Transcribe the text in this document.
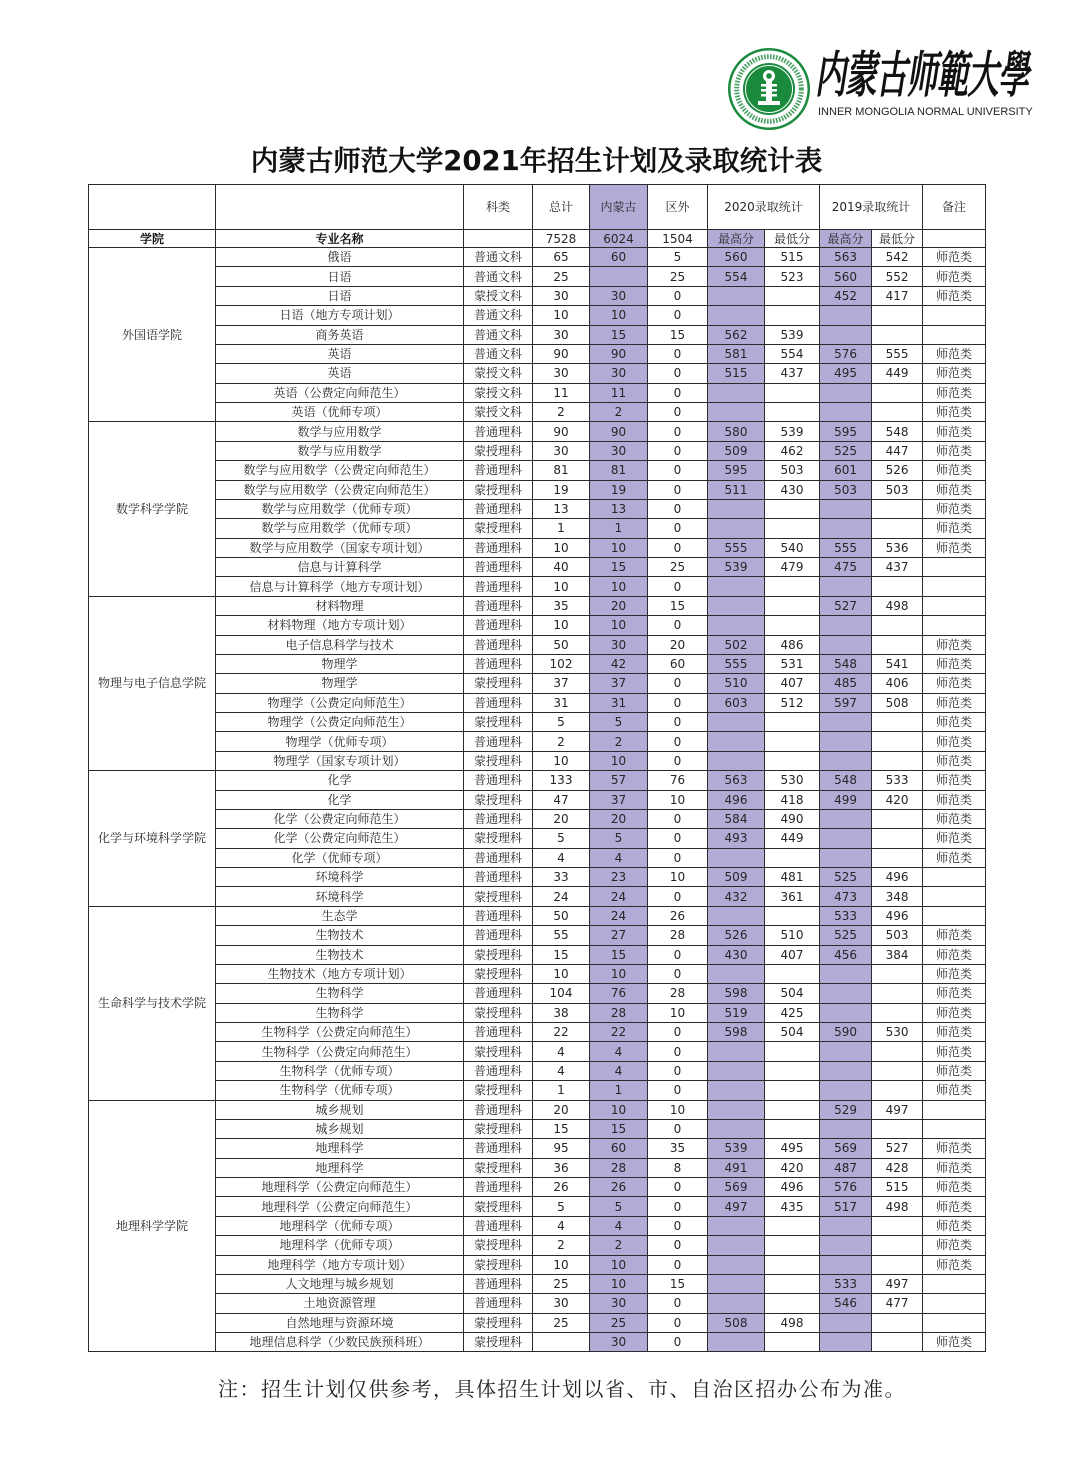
内蒙古师範大學
INNER MONGOLIA NORMAL UNIVERSITY
内蒙古师范大学2021年招生计划及录取统计表
		科类	总计	内蒙古	区外	2020录取统计		2019录取统计		备注
学院	专业名称		7528	6024	1504	最高分	最低分	最高分	最低分	
外国语学院	俄语	普通文科	65	60	5	560	515	563	542	师范类
	日语	普通文科	25		25	554	523	560	552	师范类
	日语	蒙授文科	30	30	0			452	417	师范类
	日语（地方专项计划）	普通文科	10	10	0					
	商务英语	普通文科	30	15	15	562	539			
	英语	普通文科	90	90	0	581	554	576	555	师范类
	英语	蒙授文科	30	30	0	515	437	495	449	师范类
	英语（公费定向师范生）	蒙授文科	11	11	0					师范类
	英语（优师专项）	蒙授文科	2	2	0					师范类
数学科学学院	数学与应用数学	普通理科	90	90	0	580	539	595	548	师范类
	数学与应用数学	蒙授理科	30	30	0	509	462	525	447	师范类
	数学与应用数学（公费定向师范生）	普通理科	81	81	0	595	503	601	526	师范类
	数学与应用数学（公费定向师范生）	蒙授理科	19	19	0	511	430	503	503	师范类
	数学与应用数学（优师专项）	普通理科	13	13	0					师范类
	数学与应用数学（优师专项）	蒙授理科	1	1	0					师范类
	数学与应用数学（国家专项计划）	普通理科	10	10	0	555	540	555	536	师范类
	信息与计算科学	普通理科	40	15	25	539	479	475	437	
	信息与计算科学（地方专项计划）	普通理科	10	10	0					
物理与电子信息学院	材料物理	普通理科	35	20	15			527	498	
	材料物理（地方专项计划）	普通理科	10	10	0					
	电子信息科学与技术	普通理科	50	30	20	502	486			师范类
	物理学	普通理科	102	42	60	555	531	548	541	师范类
	物理学	蒙授理科	37	37	0	510	407	485	406	师范类
	物理学（公费定向师范生）	普通理科	31	31	0	603	512	597	508	师范类
	物理学（公费定向师范生）	蒙授理科	5	5	0					师范类
	物理学（优师专项）	普通理科	2	2	0					师范类
	物理学（国家专项计划）	蒙授理科	10	10	0					师范类
化学与环境科学学院	化学	普通理科	133	57	76	563	530	548	533	师范类
	化学	蒙授理科	47	37	10	496	418	499	420	师范类
	化学（公费定向师范生）	普通理科	20	20	0	584	490			师范类
	化学（公费定向师范生）	蒙授理科	5	5	0	493	449			师范类
	化学（优师专项）	普通理科	4	4	0					师范类
	环境科学	普通理科	33	23	10	509	481	525	496	
	环境科学	蒙授理科	24	24	0	432	361	473	348	
生命科学与技术学院	生态学	普通理科	50	24	26			533	496	
	生物技术	普通理科	55	27	28	526	510	525	503	师范类
	生物技术	蒙授理科	15	15	0	430	407	456	384	师范类
	生物技术（地方专项计划）	蒙授理科	10	10	0					师范类
	生物科学	普通理科	104	76	28	598	504			师范类
	生物科学	蒙授理科	38	28	10	519	425			师范类
	生物科学（公费定向师范生）	普通理科	22	22	0	598	504	590	530	师范类
	生物科学（公费定向师范生）	蒙授理科	4	4	0					师范类
	生物科学（优师专项）	普通理科	4	4	0					师范类
	生物科学（优师专项）	蒙授理科	1	1	0					师范类
地理科学学院	城乡规划	普通理科	20	10	10			529	497	
	城乡规划	蒙授理科	15	15	0					
	地理科学	普通理科	95	60	35	539	495	569	527	师范类
	地理科学	蒙授理科	36	28	8	491	420	487	428	师范类
	地理科学（公费定向师范生）	普通理科	26	26	0	569	496	576	515	师范类
	地理科学（公费定向师范生）	蒙授理科	5	5	0	497	435	517	498	师范类
	地理科学（优师专项）	普通理科	4	4	0					师范类
	地理科学（优师专项）	蒙授理科	2	2	0					师范类
	地理科学（地方专项计划）	蒙授理科	10	10	0					师范类
	人文地理与城乡规划	普通理科	25	10	15			533	497	
	土地资源管理	普通理科	30	30	0			546	477	
	自然地理与资源环境	蒙授理科	25	25	0	508	498			
	地理信息科学（少数民族预科班）	蒙授理科		30	0					师范类
注：招生计划仅供参考，具体招生计划以省、市、自治区招办公布为准。
